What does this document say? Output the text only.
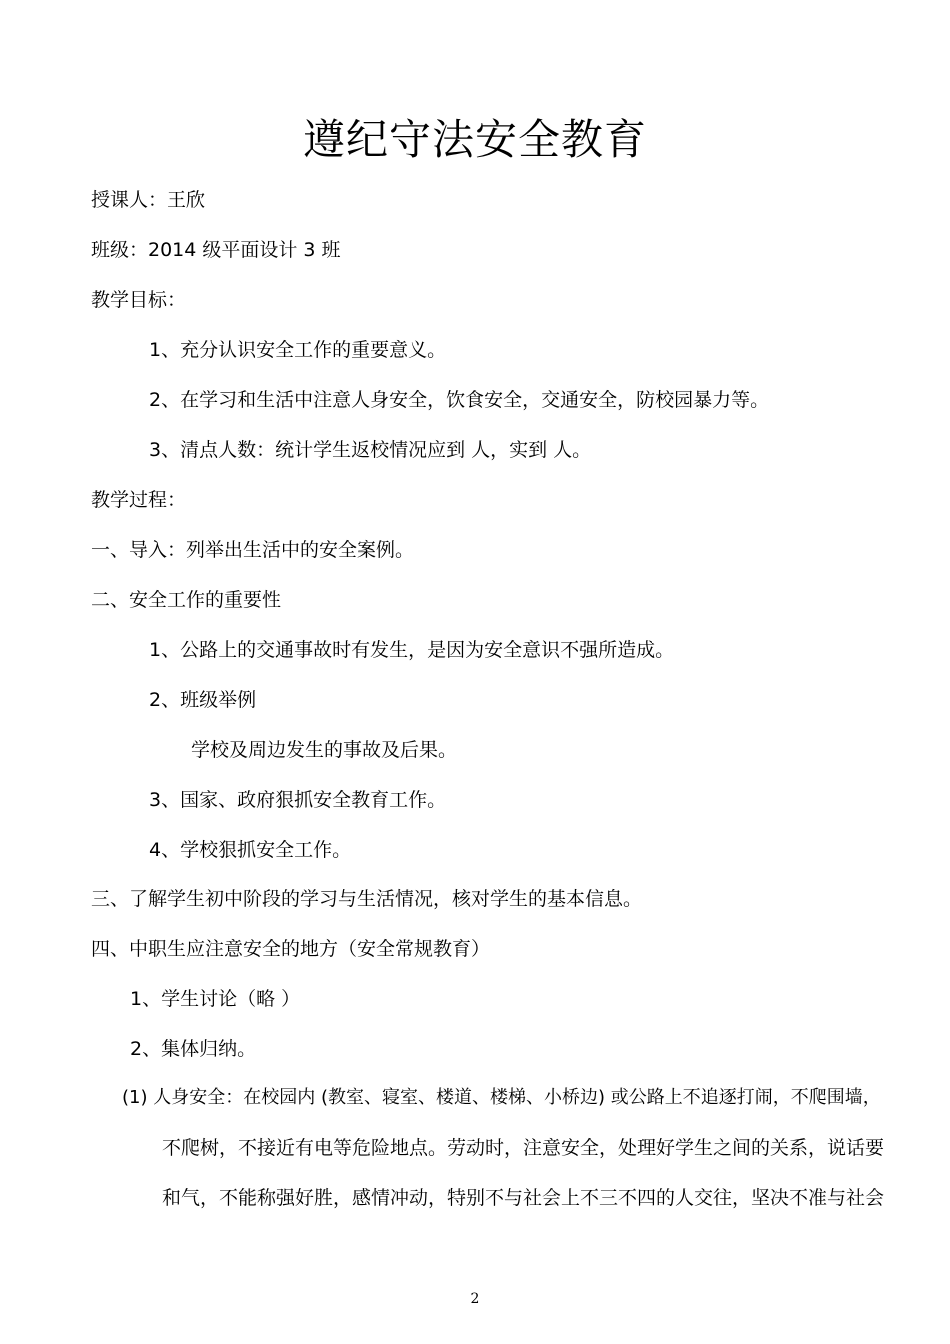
遵纪守法安全教育
授课人：王欣
班级：2014 级平面设计 3 班
教学目标：
1、充分认识安全工作的重要意义。
2、在学习和生活中注意人身安全，饮食安全，交通安全，防校园暴力等。
3、清点人数：统计学生返校情况应到 人，实到 人。
教学过程：
一、导入：列举出生活中的安全案例。
二、安全工作的重要性
1、公路上的交通事故时有发生，是因为安全意识不强所造成。
2、班级举例
学校及周边发生的事故及后果。
3、国家、政府狠抓安全教育工作。
4、学校狠抓安全工作。
三、了解学生初中阶段的学习与生活情况，核对学生的基本信息。
四、中职生应注意安全的地方（安全常规教育）
1、学生讨论（略 ）
2、集体归纳。
(1) 人身安全：在校园内 (教室、寝室、楼道、楼梯、小桥边) 或公路上不追逐打闹，不爬围墙，
不爬树，不接近有电等危险地点。劳动时，注意安全，处理好学生之间的关系，说话要
和气，不能称强好胜，感情冲动，特别不与社会上不三不四的人交往，坚决不准与社会
2
